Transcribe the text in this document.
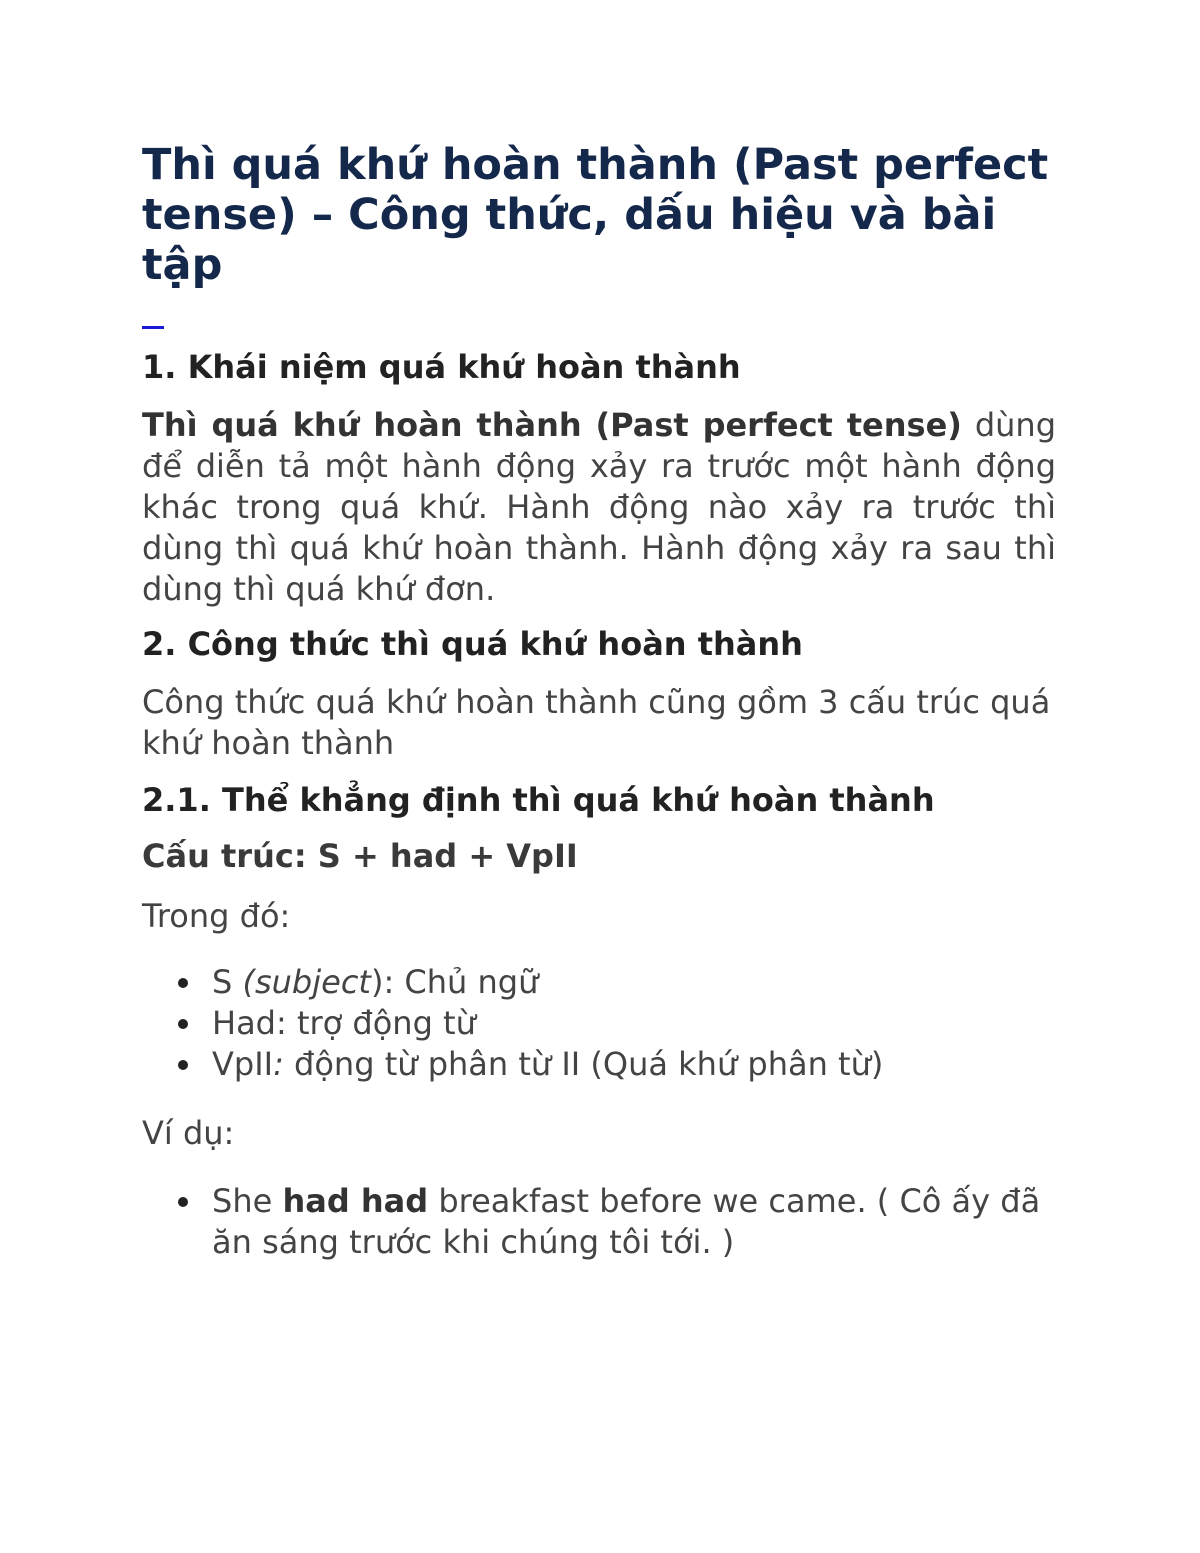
Thì quá khứ hoàn thành (Past perfect tense) – Công thức, dấu hiệu và bài tập
1. Khái niệm quá khứ hoàn thành

Thì quá khứ hoàn thành (Past perfect tense) dùng để diễn tả một hành động xảy ra trước một hành động khác trong quá khứ. Hành động nào xảy ra trước thì dùng thì quá khứ hoàn thành. Hành động xảy ra sau thì dùng thì quá khứ đơn.

2. Công thức thì quá khứ hoàn thành

Công thức quá khứ hoàn thành cũng gồm 3 cấu trúc quá khứ hoàn thành

2.1. Thể khẳng định thì quá khứ hoàn thành

Cấu trúc: S + had + VpII

Trong đó:

S (subject): Chủ ngữ
Had: trợ động từ
VpII: động từ phân từ II (Quá khứ phân từ)

Ví dụ:

She had had breakfast before we came. ( Cô ấy đã ăn sáng trước khi chúng tôi tới. )
